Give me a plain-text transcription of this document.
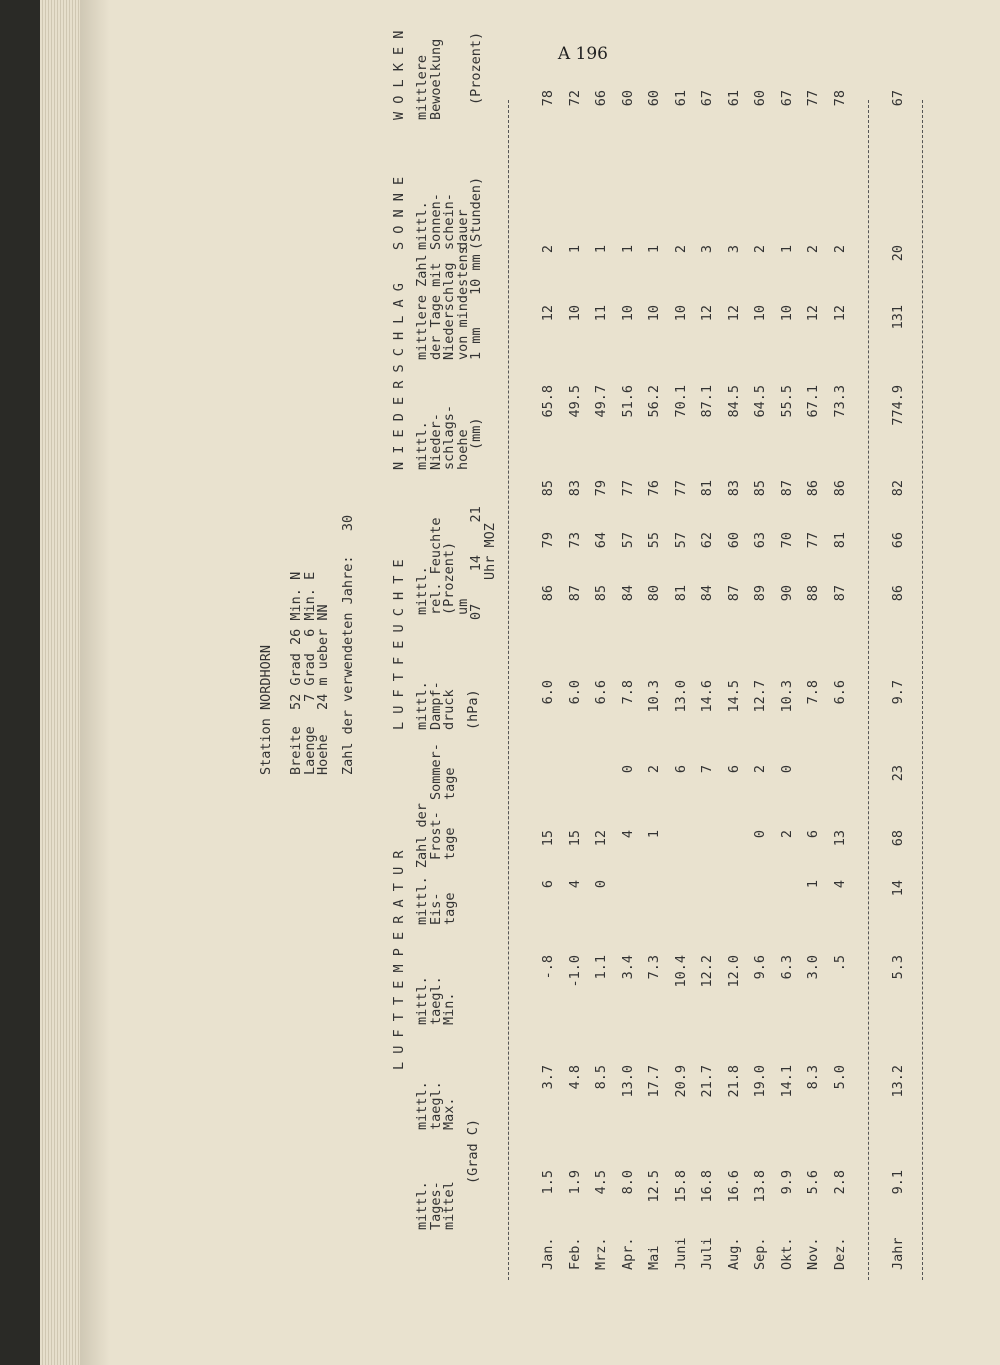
A 196
Station NORDHORN Breite  52 Grad 26 Min. N
Laenge   7 Grad  6 Min. E
Hoehe   24 m ueber NN Zahl der verwendeten Jahre:   30
L U F T T E M P E R A T U R
L U F T F E U C H T E
N I E D E R S C H L A G
S O N N E
W O L K E N
mittl.
Tages-
mittel
mittl.
taegl.
Max.
mittl.
taegl.
Min.
(Grad C)
mittl. Zahl der
Eis-
tage
Frost-
tage
Sommer-
tage
mittl.
Dampf-
druck (hPa)
mittl.
rel. Feuchte
(Prozent)
um
07    14    21
Uhr MOZ
mittl.
Nieder-
schlags-
hoehe
(mm)
mittlere Zahl
der Tage mit
Niederschlag
von mindestens
1 mm    10 mm
mittl.
Sonnen-
schein-
dauer
(Stunden)
mittlere
Bewoelkung (Prozent)
Jan.
1.5
3.7
-.8
6
15
6.0
86
79
85
65.8
12
2
78
Feb.
1.9
4.8
-1.0
4
15
6.0
87
73
83
49.5
10
1
72
Mrz.
4.5
8.5
1.1
0
12
6.6
85
64
79
49.7
11
1
66
Apr.
8.0
13.0
3.4
4
0
7.8
84
57
77
51.6
10
1
60
Mai
12.5
17.7
7.3
1
2
10.3
80
55
76
56.2
10
1
60
Juni
15.8
20.9
10.4
6
13.0
81
57
77
70.1
10
2
61
Juli
16.8
21.7
12.2
7
14.6
84
62
81
87.1
12
3
67
Aug.
16.6
21.8
12.0
6
14.5
87
60
83
84.5
12
3
61
Sep.
13.8
19.0
9.6
0
2
12.7
89
63
85
64.5
10
2
60
Okt.
9.9
14.1
6.3
2
0
10.3
90
70
87
55.5
10
1
67
Nov.
5.6
8.3
3.0
1
6
7.8
88
77
86
67.1
12
2
77
Dez.
2.8
5.0
.5
4
13
6.6
87
81
86
73.3
12
2
78
Jahr
9.1
13.2
5.3
14
68
23
9.7
86
66
82
774.9
131
20
67
